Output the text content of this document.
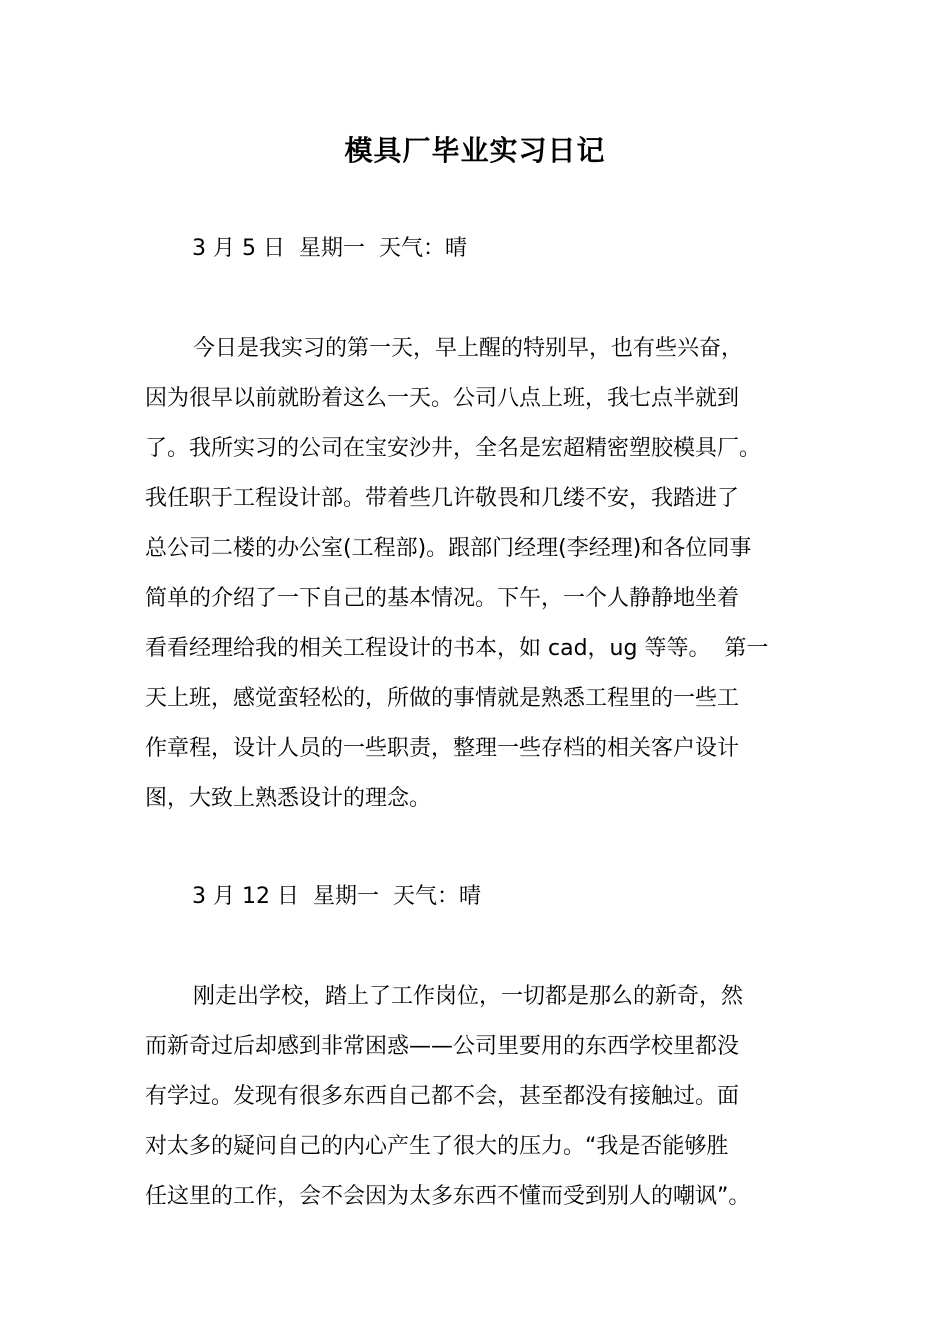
模具厂毕业实习日记
3 月 5 日  星期一  天气：晴
今日是我实习的第一天，早上醒的特别早，也有些兴奋，
因为很早以前就盼着这么一天。公司八点上班，我七点半就到
了。我所实习的公司在宝安沙井，全名是宏超精密塑胶模具厂。
我任职于工程设计部。带着些几许敬畏和几缕不安，我踏进了
总公司二楼的办公室(工程部)。跟部门经理(李经理)和各位同事
简单的介绍了一下自己的基本情况。下午，一个人静静地坐着
看看经理给我的相关工程设计的书本，如 cad，ug 等等。  第一
天上班，感觉蛮轻松的，所做的事情就是熟悉工程里的一些工
作章程，设计人员的一些职责，整理一些存档的相关客户设计
图，大致上熟悉设计的理念。
3 月 12 日  星期一  天气：晴
刚走出学校，踏上了工作岗位，一切都是那么的新奇，然
而新奇过后却感到非常困惑——公司里要用的东西学校里都没
有学过。发现有很多东西自己都不会，甚至都没有接触过。面
对太多的疑问自己的内心产生了很大的压力。“我是否能够胜
任这里的工作，会不会因为太多东西不懂而受到别人的嘲讽”。
